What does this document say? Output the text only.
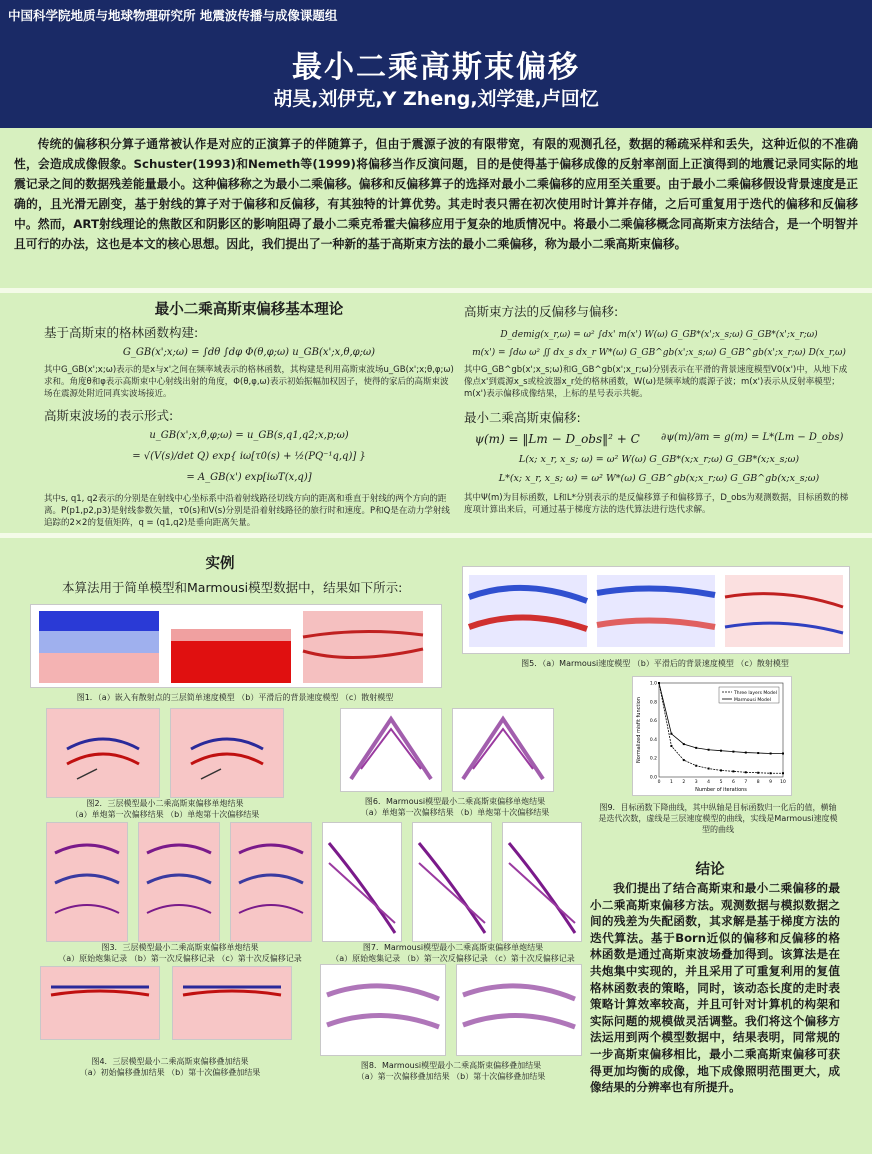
中国科学院地质与地球物理研究所 地震波传播与成像课题组
最小二乘高斯束偏移
胡昊,刘伊克,Y Zheng,刘学建,卢回忆
传统的偏移积分算子通常被认作是对应的正演算子的伴随算子，但由于震源子波的有限带宽，有限的观测孔径，数据的稀疏采样和丢失，这种近似的不准确性，会造成成像假象。Schuster(1993)和Nemeth等(1999)将偏移当作反演问题，目的是使得基于偏移成像的反射率剖面上正演得到的地震记录同实际的地震记录之间的数据残差能量最小。这种偏移称之为最小二乘偏移。偏移和反偏移算子的选择对最小二乘偏移的应用至关重要。由于最小二乘偏移假设背景速度是正确的，且光滑无剧变，基于射线的算子对于偏移和反偏移，有其独特的计算优势。其走时表只需在初次使用时计算并存储，之后可重复用于迭代的偏移和反偏移中。然而，ART射线理论的焦散区和阴影区的影响阻碍了最小二乘克希霍夫偏移应用于复杂的地质情况中。将最小二乘偏移概念同高斯束方法结合，是一个明智并且可行的办法，这也是本文的核心思想。因此，我们提出了一种新的基于高斯束方法的最小二乘偏移，称为最小二乘高斯束偏移。
最小二乘高斯束偏移基本理论
基于高斯束的格林函数构建:
G_GB(x';x;ω) = ∫dθ ∫dφ Φ(θ,φ;ω) u_GB(x';x,θ,φ;ω)
其中G_GB(x';x;ω)表示的是x与x'之间在频率域表示的格林函数，其构建是利用高斯束波场u_GB(x';x;θ,φ;ω)求和。角度θ和φ表示高斯束中心射线出射的角度，Φ(θ,φ,ω)表示初始振幅加权因子，使得的家后的高斯束波场在震源处附近同真实波场接近。
高斯束波场的表示形式:
u_GB(x';x,θ,φ;ω) = u_GB(s,q1,q2;x,p;ω)
= √(V(s)/det Q) exp{ iω[τ0(s) + ½(PQ⁻¹q,q)] }
= A_GB(x') exp[iωT(x,q)]
其中s, q1, q2表示的分别是在射线中心坐标系中沿着射线路径切线方向的距离和垂直于射线的两个方向的距离。P(p1,p2,p3)是射线参数矢量，τ0(s)和V(s)分别是沿着射线路径的旅行时和速度。P和Q是在动力学射线追踪的2×2的复值矩阵，q = (q1,q2)是垂向距离矢量。
高斯束方法的反偏移与偏移:
D_demig(x_r,ω) = ω² ∫dx' m(x') W(ω) G_GB*(x';x_s;ω) G_GB*(x';x_r;ω)
m(x') = ∫dω ω² ∬ dx_s dx_r W*(ω) G_GB^gb(x';x_s;ω) G_GB^gb(x';x_r;ω) D(x_r,ω)
其中G_GB^gb(x';x_s;ω)和G_GB^gb(x';x_r;ω)分别表示在平滑的背景速度模型V0(x')中，从地下成像点x'到震源x_s或检波器x_r处的格林函数，W(ω)是频率域的震源子波；m(x')表示从反射率模型；m(x')表示偏移成像结果，上标的星号表示共轭。
最小二乘高斯束偏移:
ψ(m) = ‖Lm − D_obs‖² + C ∂ψ(m)/∂m = g(m) = L*(Lm − D_obs)
L(x; x_r, x_s; ω) = ω² W(ω) G_GB*(x;x_r;ω) G_GB*(x;x_s;ω)
L*(x; x_r, x_s; ω) = ω² W*(ω) G_GB^gb(x;x_r;ω) G_GB^gb(x;x_s;ω)
其中Ψ(m)为目标函数，L和L*分别表示的是反偏移算子和偏移算子，D_obs为观测数据，目标函数的梯度项计算出来后，可通过基于梯度方法的迭代算法进行迭代求解。
实例
本算法用于简单模型和Marmousi模型数据中，结果如下所示:
图1．（a）嵌入有散射点的三层简单速度模型 （b）平滑后的背景速度模型 （c）散射模型
图2．三层模型最小二乘高斯束偏移单炮结果
（a）单炮第一次偏移结果 （b）单炮第十次偏移结果
图3．三层模型最小二乘高斯束偏移单炮结果
（a）原始炮集记录 （b）第一次反偏移记录 （c）第十次反偏移记录
图4．三层模型最小二乘高斯束偏移叠加结果
（a）初始偏移叠加结果 （b）第十次偏移叠加结果
图5．（a）Marmousi速度模型 （b）平滑后的背景速度模型 （c）散射模型
图6．Marmousi模型最小二乘高斯束偏移单炮结果
（a）单炮第一次偏移结果 （b）单炮第十次偏移结果
图7．Marmousi模型最小二乘高斯束偏移单炮结果
（a）原始炮集记录 （b）第一次反偏移记录 （c）第十次反偏移记录
图8．Marmousi模型最小二乘高斯束偏移叠加结果
（a）第一次偏移叠加结果 （b）第十次偏移叠加结果
Number of iterations
Normalized misfit function
Three layers Model
Marmousi Model
0 1 2 3 4 5 6 7 8 9 10
0.0
0.2
0.4
0.6
0.8
1.0
图9．目标函数下降曲线，其中纵轴是目标函数归一化后的值，横轴是迭代次数，虚线是三层速度模型的曲线，实线是Marmousi速度模型的曲线
结论
我们提出了结合高斯束和最小二乘偏移的最小二乘高斯束偏移方法。观测数据与模拟数据之间的残差为失配函数，其求解是基于梯度方法的迭代算法。基于Born近似的偏移和反偏移的格林函数是通过高斯束波场叠加得到。该算法是在共炮集中实现的，并且采用了可重复利用的复值格林函数表的策略，同时，该动态长度的走时表策略计算效率较高，并且可针对计算机的构架和实际问题的规模做灵活调整。我们将这个偏移方法运用到两个模型数据中，结果表明，同常规的一步高斯束偏移相比，最小二乘高斯束偏移可获得更加均衡的成像，地下成像照明范围更大，成像结果的分辨率也有所提升。
